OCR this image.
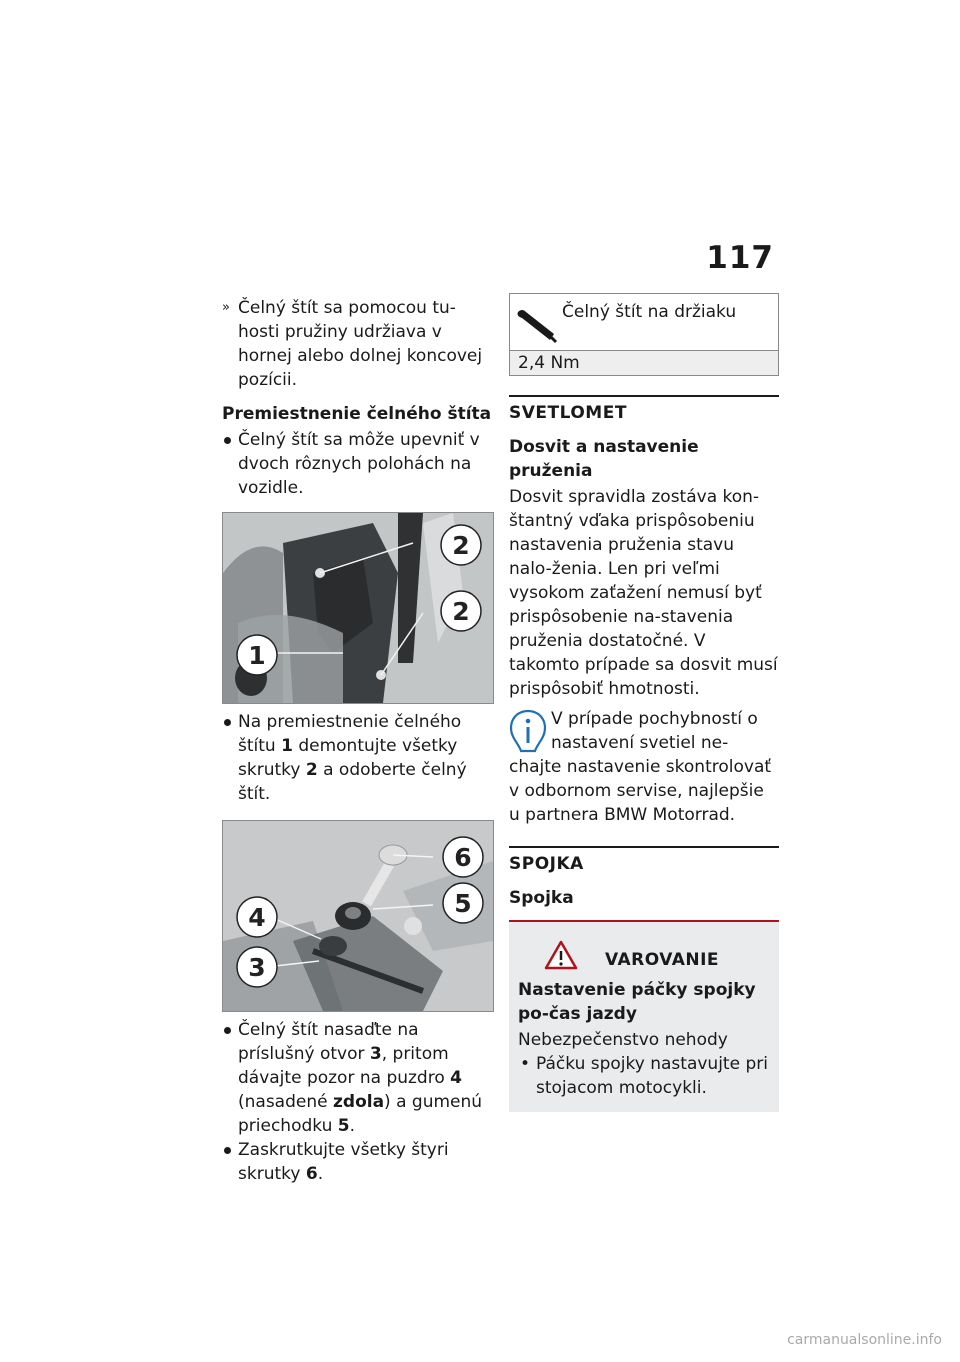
117

» Čelný štít sa pomocou tu-hosti pružiny udržiava v hornej alebo dolnej koncovej pozícii.

Premiestnenie čelného štíta

Čelný štít sa môže upevniť v dvoch rôznych polohách na vozidle.

2
2
1

Na premiestnenie čelného štítu 1 demontujte všetky skrutky 2 a odoberte čelný štít.

6
5
4
3

Čelný štít nasaďte na príslušný otvor 3, pritom dávajte pozor na puzdro 4 (nasadené zdola) a gumenú priechodku 5.

Zaskrutkujte všetky štyri skrutky 6.

Čelný štít na držiaku
2,4 Nm
SVETLOMET
Dosvit a nastavenie pruženia

Dosvit spravidla zostáva kon-štantný vďaka prispôsobeniu nastavenia pruženia stavu nalo-ženia. Len pri veľmi vysokom zaťažení nemusí byť prispôsobenie na-stavenia pruženia dostatočné. V takomto prípade sa dosvit musí prispôsobiť hmotnosti.

V prípade pochybností o nastavení svetiel ne-chajte nastavenie skontrolovať v odbornom servise, najlepšie u partnera BMW Motorrad.
SPOJKA
Spojka
VAROVANIE
Nastavenie páčky spojky po-čas jazdy
Nebezpečenstvo nehody

• Páčku spojky nastavujte pri stojacom motocykli.

carmanualsonline.info
